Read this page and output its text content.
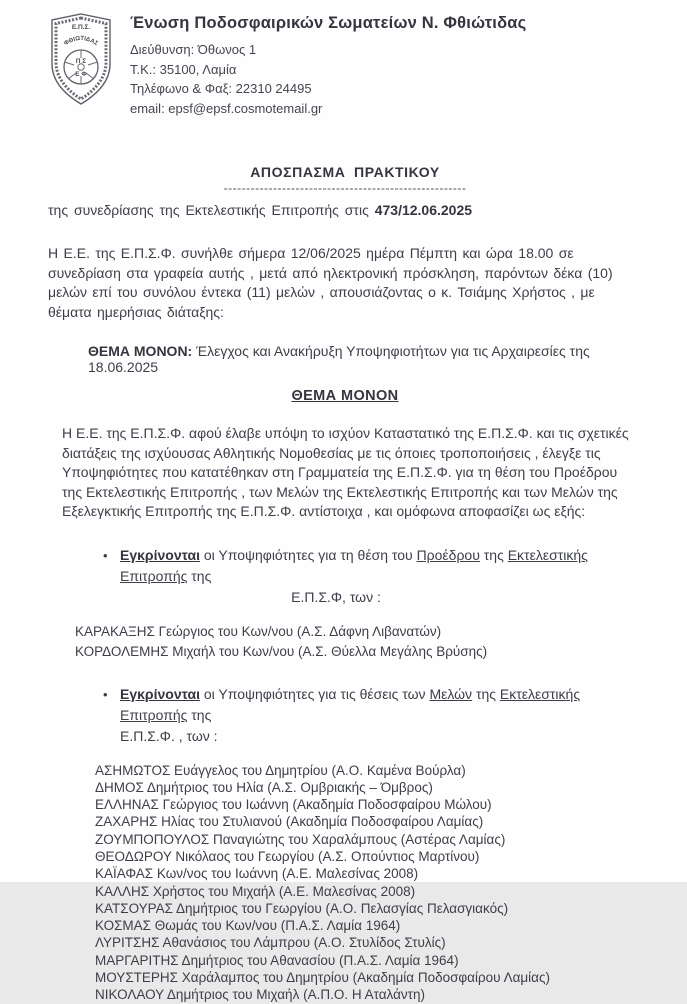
Ε.Π.Σ.
ΦΘΙΩΤΙΔΑΣ
Π Σ
Ε Φ
Ένωση Ποδοσφαιρικών Σωματείων Ν. Φθιώτιδας
Διεύθυνση: Όθωνος 1
Τ.Κ.: 35100, Λαμία
Τηλέφωνο & Φαξ: 22310 24495
email: epsf@epsf.cosmotemail.gr
ΑΠΟΣΠΑΣΜΑ ΠΡΑΚΤΙΚΟΥ
------------------------------------------------------

της συνεδρίασης της Εκτελεστικής Επιτροπής στις 473/12.06.2025

Η Ε.Ε. της Ε.Π.Σ.Φ. συνήλθε σήμερα 12/06/2025 ημέρα Πέμπτη και ώρα 18.00 σε συνεδρίαση στα γραφεία αυτής , μετά από ηλεκτρονική πρόσκληση, παρόντων δέκα (10) μελών επί του συνόλου έντεκα (11) μελών , απουσιάζοντας ο κ. Τσιάμης Χρήστος , με θέματα ημερήσιας διάταξης:

ΘΕΜΑ ΜΟΝΟΝ: Έλεγχος και Ανακήρυξη Υποψηφιοτήτων για τις Αρχαιρεσίες της 18.06.2025

ΘΕΜΑ ΜΟΝΟΝ

Η Ε.Ε. της Ε.Π.Σ.Φ. αφού έλαβε υπόψη το ισχύον Καταστατικό της Ε.Π.Σ.Φ. και τις σχετικές διατάξεις της ισχύουσας Αθλητικής Νομοθεσίας με τις όποιες τροποποιήσεις , έλεγξε τις Υποψηφιότητες που κατατέθηκαν στη Γραμματεία της Ε.Π.Σ.Φ. για τη θέση του Προέδρου της Εκτελεστικής Επιτροπής , των Μελών της Εκτελεστικής Επιτροπής και των Μελών της Εξελεγκτικής Επιτροπής της Ε.Π.Σ.Φ. αντίστοιχα , και ομόφωνα αποφασίζει ως εξής:

• Εγκρίνονται οι Υποψηφιότητες για τη θέση του Προέδρου της Εκτελεστικής Επιτροπής της
Ε.Π.Σ.Φ, των :
ΚΑΡΑΚΑΞΗΣ Γεώργιος του Κων/νου (Α.Σ. Δάφνη Λιβανατών)
ΚΟΡΔΟΛΕΜΗΣ Μιχαήλ του Κων/νου (Α.Σ. Θύελλα Μεγάλης Βρύσης)
• Εγκρίνονται οι Υποψηφιότητες για τις θέσεις των Μελών της Εκτελεστικής Επιτροπής της
Ε.Π.Σ.Φ. , των :
ΑΣΗΜΩΤΟΣ Ευάγγελος του Δημητρίου (Α.Ο. Καμένα Βούρλα)
ΔΗΜΟΣ Δημήτριος του Ηλία (Α.Σ. Ομβριακής – Όμβρος)
ΕΛΛΗΝΑΣ Γεώργιος του Ιωάννη (Ακαδημία Ποδοσφαίρου Μώλου)
ΖΑΧΑΡΗΣ Ηλίας του Στυλιανού (Ακαδημία Ποδοσφαίρου Λαμίας)
ΖΟΥΜΠΟΠΟΥΛΟΣ Παναγιώτης του Χαραλάμπους (Αστέρας Λαμίας)
ΘΕΟΔΩΡΟΥ Νικόλαος του Γεωργίου (Α.Σ. Οπούντιος Μαρτίνου)
ΚΑΪΑΦΑΣ Κων/νος του Ιωάννη (Α.Ε. Μαλεσίνας 2008)
ΚΑΛΛΗΣ Χρήστος του Μιχαήλ (Α.Ε. Μαλεσίνας 2008)
ΚΑΤΣΟΥΡΑΣ Δημήτριος του Γεωργίου (Α.Ο. Πελασγίας Πελασγιακός)
ΚΟΣΜΑΣ Θωμάς του Κων/νου (Π.Α.Σ. Λαμία 1964)
ΛΥΡΙΤΣΗΣ Αθανάσιος του Λάμπρου (Α.Ο. Στυλίδος Στυλίς)
ΜΑΡΓΑΡΙΤΗΣ Δημήτριος του Αθανασίου (Π.Α.Σ. Λαμία 1964)
ΜΟΥΣΤΕΡΗΣ Χαράλαμπος του Δημητρίου (Ακαδημία Ποδοσφαίρου Λαμίας)
ΝΙΚΟΛΑΟΥ Δημήτριος του Μιχαήλ (Α.Π.Ο. Η Αταλάντη)
